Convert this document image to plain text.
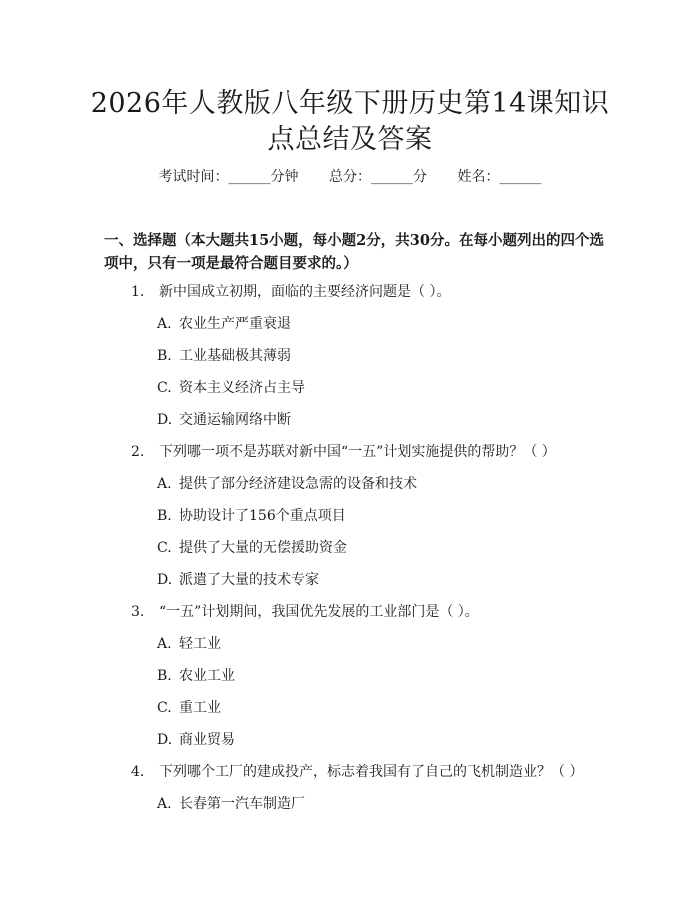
2026年人教版八年级下册历史第14课知识
点总结及答案
考试时间：______分钟 总分：______分 姓名：______
一、选择题（本大题共15小题，每小题2分，共30分。在每小题列出的四个选项中，只有一项是最符合题目要求的。）
1. 新中国成立初期，面临的主要经济问题是（ ）。
A. 农业生产严重衰退
B. 工业基础极其薄弱
C. 资本主义经济占主导
D. 交通运输网络中断
2. 下列哪一项不是苏联对新中国“一五”计划实施提供的帮助？（ ）
A. 提供了部分经济建设急需的设备和技术
B. 协助设计了156个重点项目
C. 提供了大量的无偿援助资金
D. 派遣了大量的技术专家
3. “一五”计划期间，我国优先发展的工业部门是（ ）。
A. 轻工业
B. 农业工业
C. 重工业
D. 商业贸易
4. 下列哪个工厂的建成投产，标志着我国有了自己的飞机制造业？（ ）
A. 长春第一汽车制造厂
